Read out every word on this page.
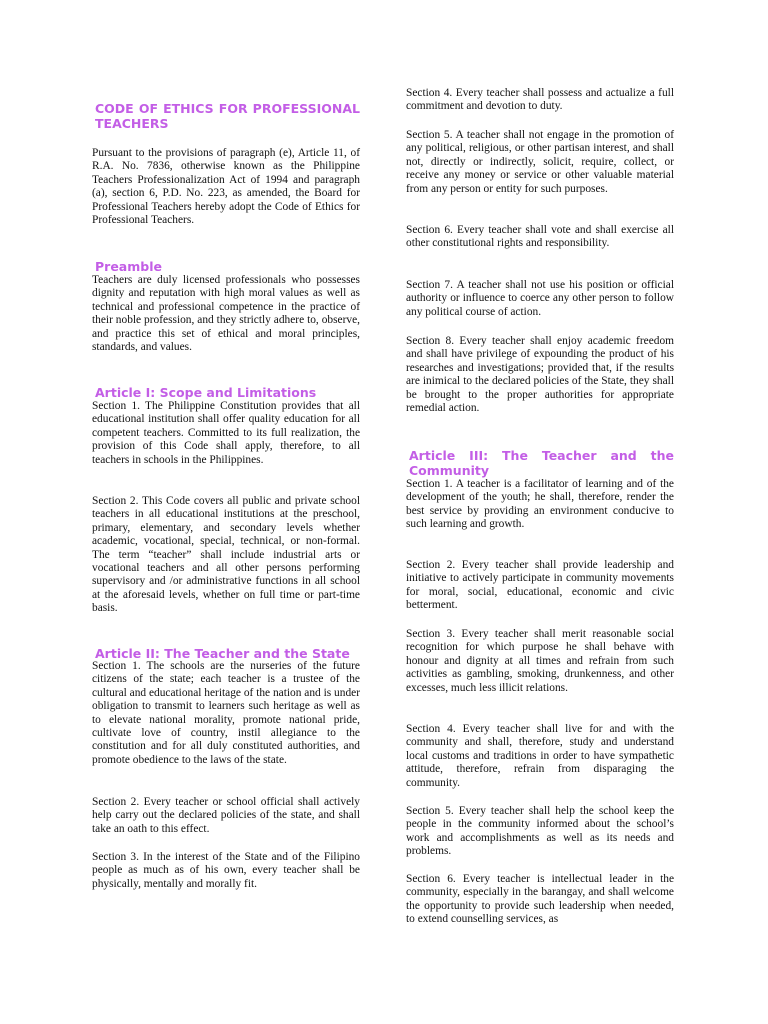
CODE OF ETHICS FOR PROFESSIONAL TEACHERS

Pursuant to the provisions of paragraph (e), Article 11, of R.A. No. 7836, otherwise known as the Philippine Teachers Professionalization Act of 1994 and paragraph (a), section 6, P.D. No. 223, as amended, the Board for Professional Teachers hereby adopt the Code of Ethics for Professional Teachers.

Preamble

Teachers are duly licensed professionals who possesses dignity and reputation with high moral values as well as technical and professional competence in the practice of their noble profession, and they strictly adhere to, observe, and practice this set of ethical and moral principles, standards, and values.

Article I: Scope and Limitations

Section 1. The Philippine Constitution provides that all educational institution shall offer quality education for all competent teachers. Committed to its full realization, the provision of this Code shall apply, therefore, to all teachers in schools in the Philippines.

Section 2. This Code covers all public and private school teachers in all educational institutions at the preschool, primary, elementary, and secondary levels whether academic, vocational, special, technical, or non-formal. The term “teacher” shall include industrial arts or vocational teachers and all other persons performing supervisory and /or administrative functions in all school at the aforesaid levels, whether on full time or part-time basis.

Article II: The Teacher and the State

Section 1. The schools are the nurseries of the future citizens of the state; each teacher is a trustee of the cultural and educational heritage of the nation and is under obligation to transmit to learners such heritage as well as to elevate national morality, promote national pride, cultivate love of country, instil allegiance to the constitution and for all duly constituted authorities, and promote obedience to the laws of the state.

Section 2. Every teacher or school official shall actively help carry out the declared policies of the state, and shall take an oath to this effect.

Section 3. In the interest of the State and of the Filipino people as much as of his own, every teacher shall be physically, mentally and morally fit.

Section 4. Every teacher shall possess and actualize a full commitment and devotion to duty.

Section 5. A teacher shall not engage in the promotion of any political, religious, or other partisan interest, and shall not, directly or indirectly, solicit, require, collect, or receive any money or service or other valuable material from any person or entity for such purposes.

Section 6. Every teacher shall vote and shall exercise all other constitutional rights and responsibility.

Section 7. A teacher shall not use his position or official authority or influence to coerce any other person to follow any political course of action.

Section 8. Every teacher shall enjoy academic freedom and shall have privilege of expounding the product of his researches and investigations; provided that, if the results are inimical to the declared policies of the State, they shall be brought to the proper authorities for appropriate remedial action.

Article III: The Teacher and the Community

Section 1. A teacher is a facilitator of learning and of the development of the youth; he shall, therefore, render the best service by providing an environment conducive to such learning and growth.

Section 2. Every teacher shall provide leadership and initiative to actively participate in community movements for moral, social, educational, economic and civic betterment.

Section 3. Every teacher shall merit reasonable social recognition for which purpose he shall behave with honour and dignity at all times and refrain from such activities as gambling, smoking, drunkenness, and other excesses, much less illicit relations.

Section 4. Every teacher shall live for and with the community and shall, therefore, study and understand local customs and traditions in order to have sympathetic attitude, therefore, refrain from disparaging the community.

Section 5. Every teacher shall help the school keep the people in the community informed about the school’s work and accomplishments as well as its needs and problems.

Section 6. Every teacher is intellectual leader in the community, especially in the barangay, and shall welcome the opportunity to provide such leadership when needed, to extend counselling services, as
